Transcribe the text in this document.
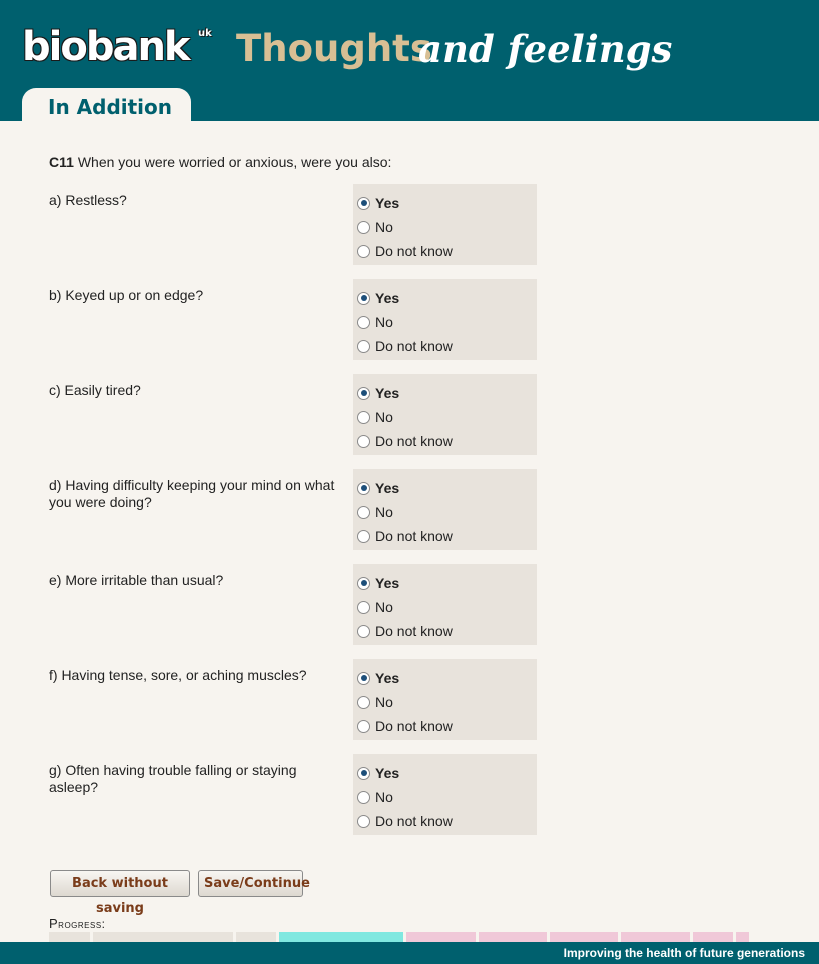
biobank uk Thoughts
and feelings
In Addition
C11 When you were worried or anxious, were you also:
a) Restless?	Yes
No
Do not know
b) Keyed up or on edge?	Yes
No
Do not know
c) Easily tired?	Yes
No
Do not know
d) Having difficulty keeping your mind on what you were doing?
Yes
No
Do not know
e) More irritable than usual?	Yes
No
Do not know
f) Having tense, sore, or aching muscles?	Yes
No
Do not know
g) Often having trouble falling or staying asleep?
Yes
No
Do not know
Back without saving
Save/Continue
Progress:
Improving the health of future generations
